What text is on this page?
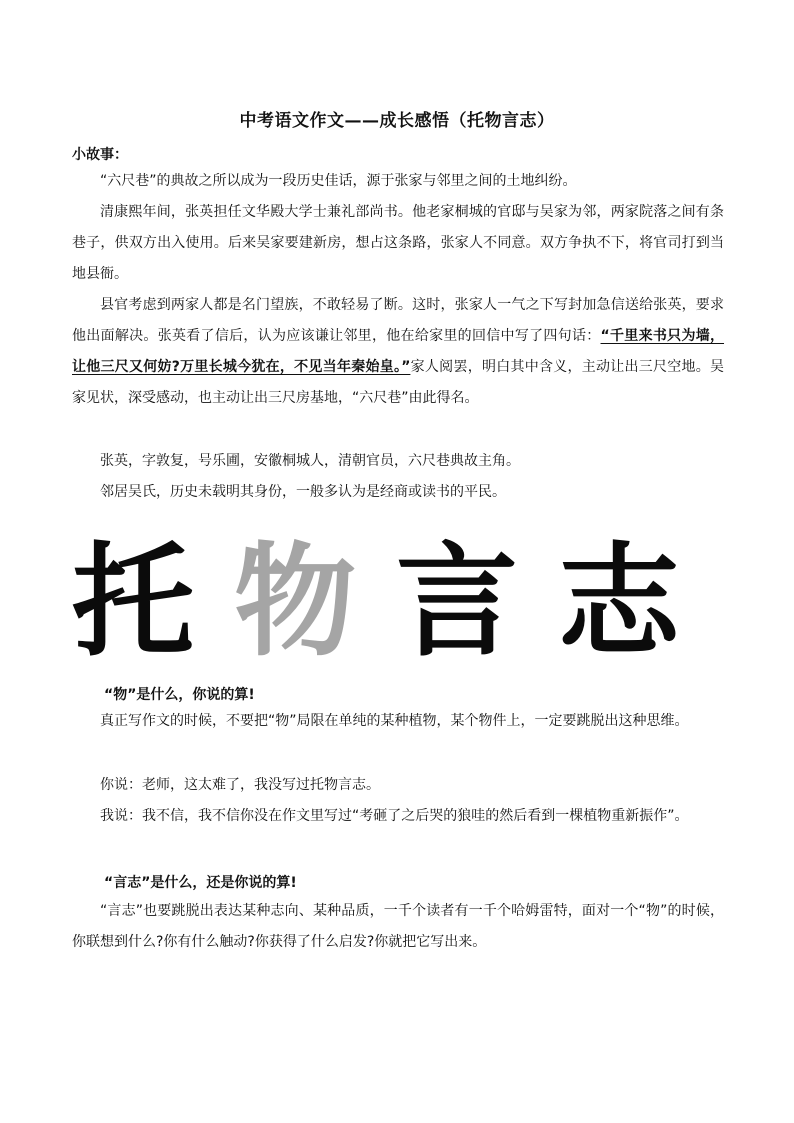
中考语文作文——成长感悟（托物言志）
小故事：

“六尺巷”的典故之所以成为一段历史佳话，源于张家与邻里之间的土地纠纷。

清康熙年间，张英担任文华殿大学士兼礼部尚书。他老家桐城的官邸与吴家为邻，两家院落之间有条巷子，供双方出入使用。后来吴家要建新房，想占这条路，张家人不同意。双方争执不下，将官司打到当地县衙。

县官考虑到两家人都是名门望族，不敢轻易了断。这时，张家人一气之下写封加急信送给张英，要求他出面解决。张英看了信后，认为应该谦让邻里，他在给家里的回信中写了四句话：“千里来书只为墙，让他三尺又何妨?万里长城今犹在，不见当年秦始皇。”家人阅罢，明白其中含义，主动让出三尺空地。吴家见状，深受感动，也主动让出三尺房基地，“六尺巷”由此得名。

张英，字敦复，号乐圃，安徽桐城人，清朝官员，六尺巷典故主角。

邻居吴氏，历史未载明其身份，一般多认为是经商或读书的平民。

托 物 言 志
“物”是什么，你说的算!

真正写作文的时候，不要把“物”局限在单纯的某种植物，某个物件上，一定要跳脱出这种思维。

你说：老师，这太难了，我没写过托物言志。

我说：我不信，我不信你没在作文里写过“考砸了之后哭的狼哇的然后看到一棵植物重新振作”。

“言志”是什么，还是你说的算!

“言志”也要跳脱出表达某种志向、某种品质，一千个读者有一千个哈姆雷特，面对一个“物”的时候，你联想到什么?你有什么触动?你获得了什么启发?你就把它写出来。
